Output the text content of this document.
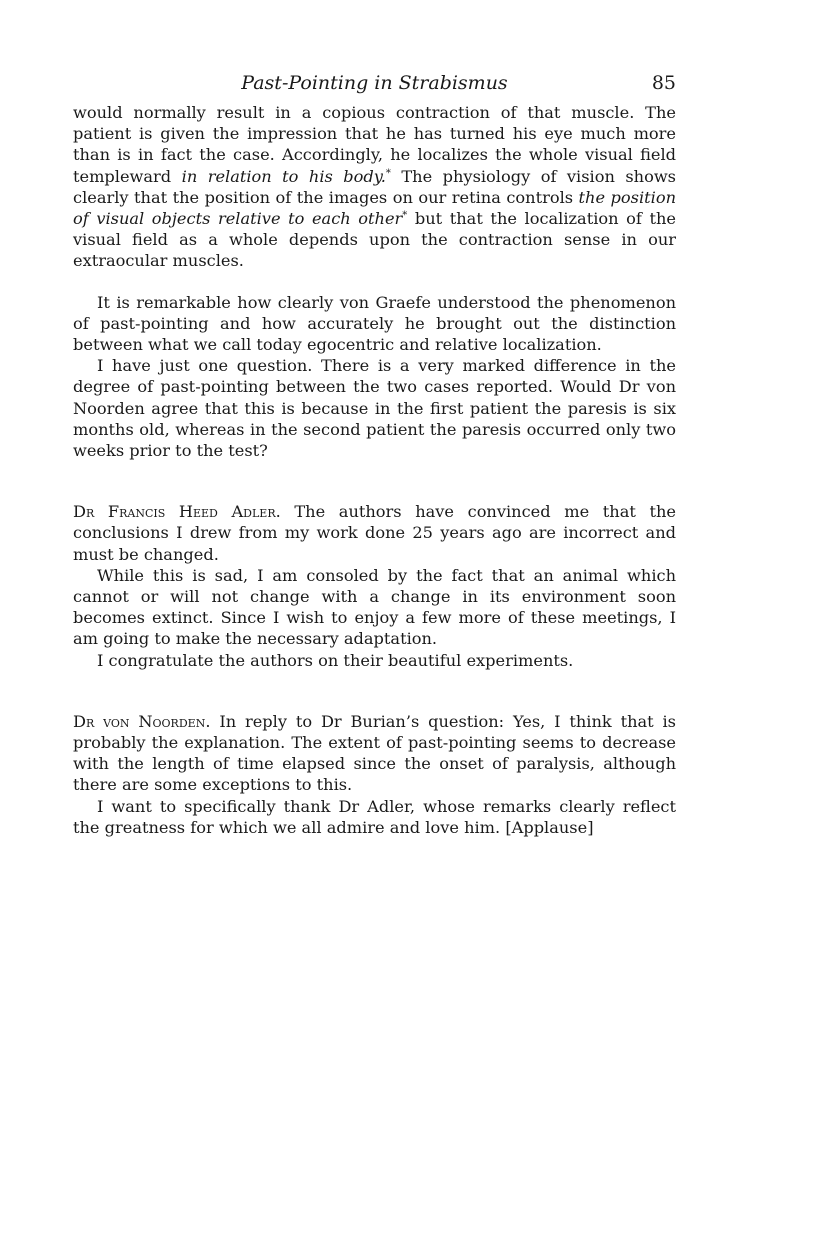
Past-Pointing in Strabismus	85

would normally result in a copious contraction of that muscle. The patient is given the impression that he has turned his eye much more than is in fact the case. Accordingly, he localizes the whole visual field templeward in relation to his body.* The physiology of vision shows clearly that the position of the images on our retina controls the position of visual objects relative to each other* but that the localization of the visual field as a whole depends upon the contraction sense in our extraocular muscles.

It is remarkable how clearly von Graefe understood the phenomenon of past-pointing and how accurately he brought out the distinction between what we call today egocentric and relative localization.

I have just one question. There is a very marked difference in the degree of past-pointing between the two cases reported. Would Dr von Noorden agree that this is because in the first patient the paresis is six months old, whereas in the second patient the paresis occurred only two weeks prior to the test?

Dr Francis Heed Adler. The authors have convinced me that the conclusions I drew from my work done 25 years ago are incorrect and must be changed.

While this is sad, I am consoled by the fact that an animal which cannot or will not change with a change in its environment soon becomes extinct. Since I wish to enjoy a few more of these meetings, I am going to make the necessary adaptation.

I congratulate the authors on their beautiful experiments.

Dr von Noorden. In reply to Dr Burian’s question: Yes, I think that is probably the explanation. The extent of past-pointing seems to decrease with the length of time elapsed since the onset of paralysis, although there are some exceptions to this.

I want to specifically thank Dr Adler, whose remarks clearly reflect the greatness for which we all admire and love him. [Applause]
